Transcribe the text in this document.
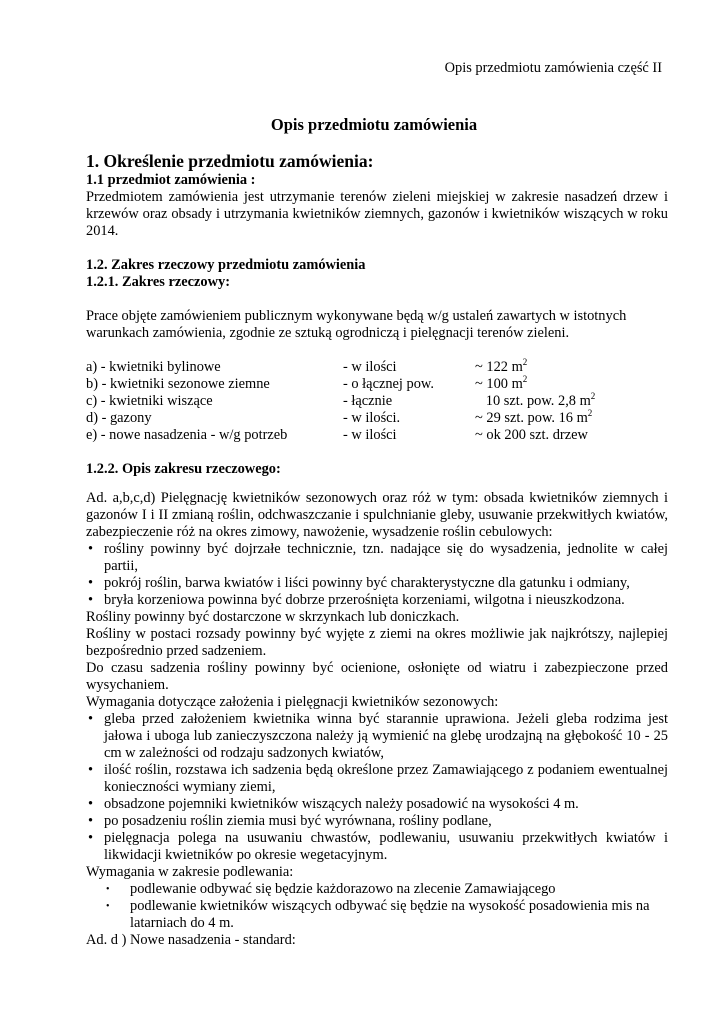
Opis przedmiotu zamówienia część II
Opis przedmiotu zamówienia
1. Określenie przedmiotu zamówienia:
1.1 przedmiot zamówienia :
Przedmiotem zamówienia jest utrzymanie terenów zieleni miejskiej w zakresie nasadzeń drzew i krzewów oraz obsady i utrzymania kwietników ziemnych, gazonów i kwietników wiszących w roku 2014.
1.2. Zakres rzeczowy przedmiotu zamówienia
1.2.1. Zakres rzeczowy:
Prace objęte zamówieniem publicznym wykonywane będą w/g ustaleń zawartych w istotnych warunkach zamówienia, zgodnie ze sztuką ogrodniczą i pielęgnacji terenów zieleni.
a) - kwietniki bylinowe	- w ilości	~ 122 $m^2$
b) - kwietniki sezonowe ziemne	- o łącznej pow.	~ 100 $m^2$
c) - kwietniki wiszące	- łącznie	10 szt. pow. 2,8 $m^2$
d) - gazony	- w ilości.	~ 29 szt. pow. 16 $m^2$
e) - nowe nasadzenia - w/g potrzeb	- w ilości	~ ok 200 szt. drzew
1.2.2. Opis zakresu rzeczowego:

Ad. a,b,c,d) Pielęgnację kwietników sezonowych oraz róż w tym: obsada kwietników ziemnych i gazonów I i II zmianą roślin, odchwaszczanie i spulchnianie gleby, usuwanie przekwitłych kwiatów, zabezpieczenie róż na okres zimowy, nawożenie, wysadzenie roślin cebulowych:

• rośliny powinny być dojrzałe technicznie, tzn. nadające się do wysadzenia, jednolite w całej partii,
• pokrój roślin, barwa kwiatów i liści powinny być charakterystyczne dla gatunku i odmiany,
• bryła korzeniowa powinna być dobrze przerośnięta korzeniami, wilgotna i nieuszkodzona.

Rośliny powinny być dostarczone w skrzynkach lub doniczkach.

Rośliny w postaci rozsady powinny być wyjęte z ziemi na okres możliwie jak najkrótszy, najlepiej bezpośrednio przed sadzeniem.

Do czasu sadzenia rośliny powinny być ocienione, osłonięte od wiatru i zabezpieczone przed wysychaniem.

Wymagania dotyczące założenia i pielęgnacji kwietników sezonowych:

• gleba przed założeniem kwietnika winna być starannie uprawiona. Jeżeli gleba rodzima jest jałowa i uboga lub zanieczyszczona należy ją wymienić na glebę urodzajną na głębokość 10 - 25 cm w zależności od rodzaju sadzonych kwiatów,
• ilość roślin, rozstawa ich sadzenia będą określone przez Zamawiającego z podaniem ewentualnej konieczności wymiany ziemi,
• obsadzone pojemniki kwietników wiszących należy posadowić na wysokości 4 m.
• po posadzeniu roślin ziemia musi być wyrównana, rośliny podlane,
• pielęgnacja polega na usuwaniu chwastów, podlewaniu, usuwaniu przekwitłych kwiatów i likwidacji kwietników po okresie wegetacyjnym.

Wymagania w zakresie podlewania:

• podlewanie odbywać się będzie każdorazowo na zlecenie Zamawiającego
• podlewanie kwietników wiszących odbywać się będzie na wysokość posadowienia mis na latarniach do 4 m.

Ad. d ) Nowe nasadzenia - standard:
